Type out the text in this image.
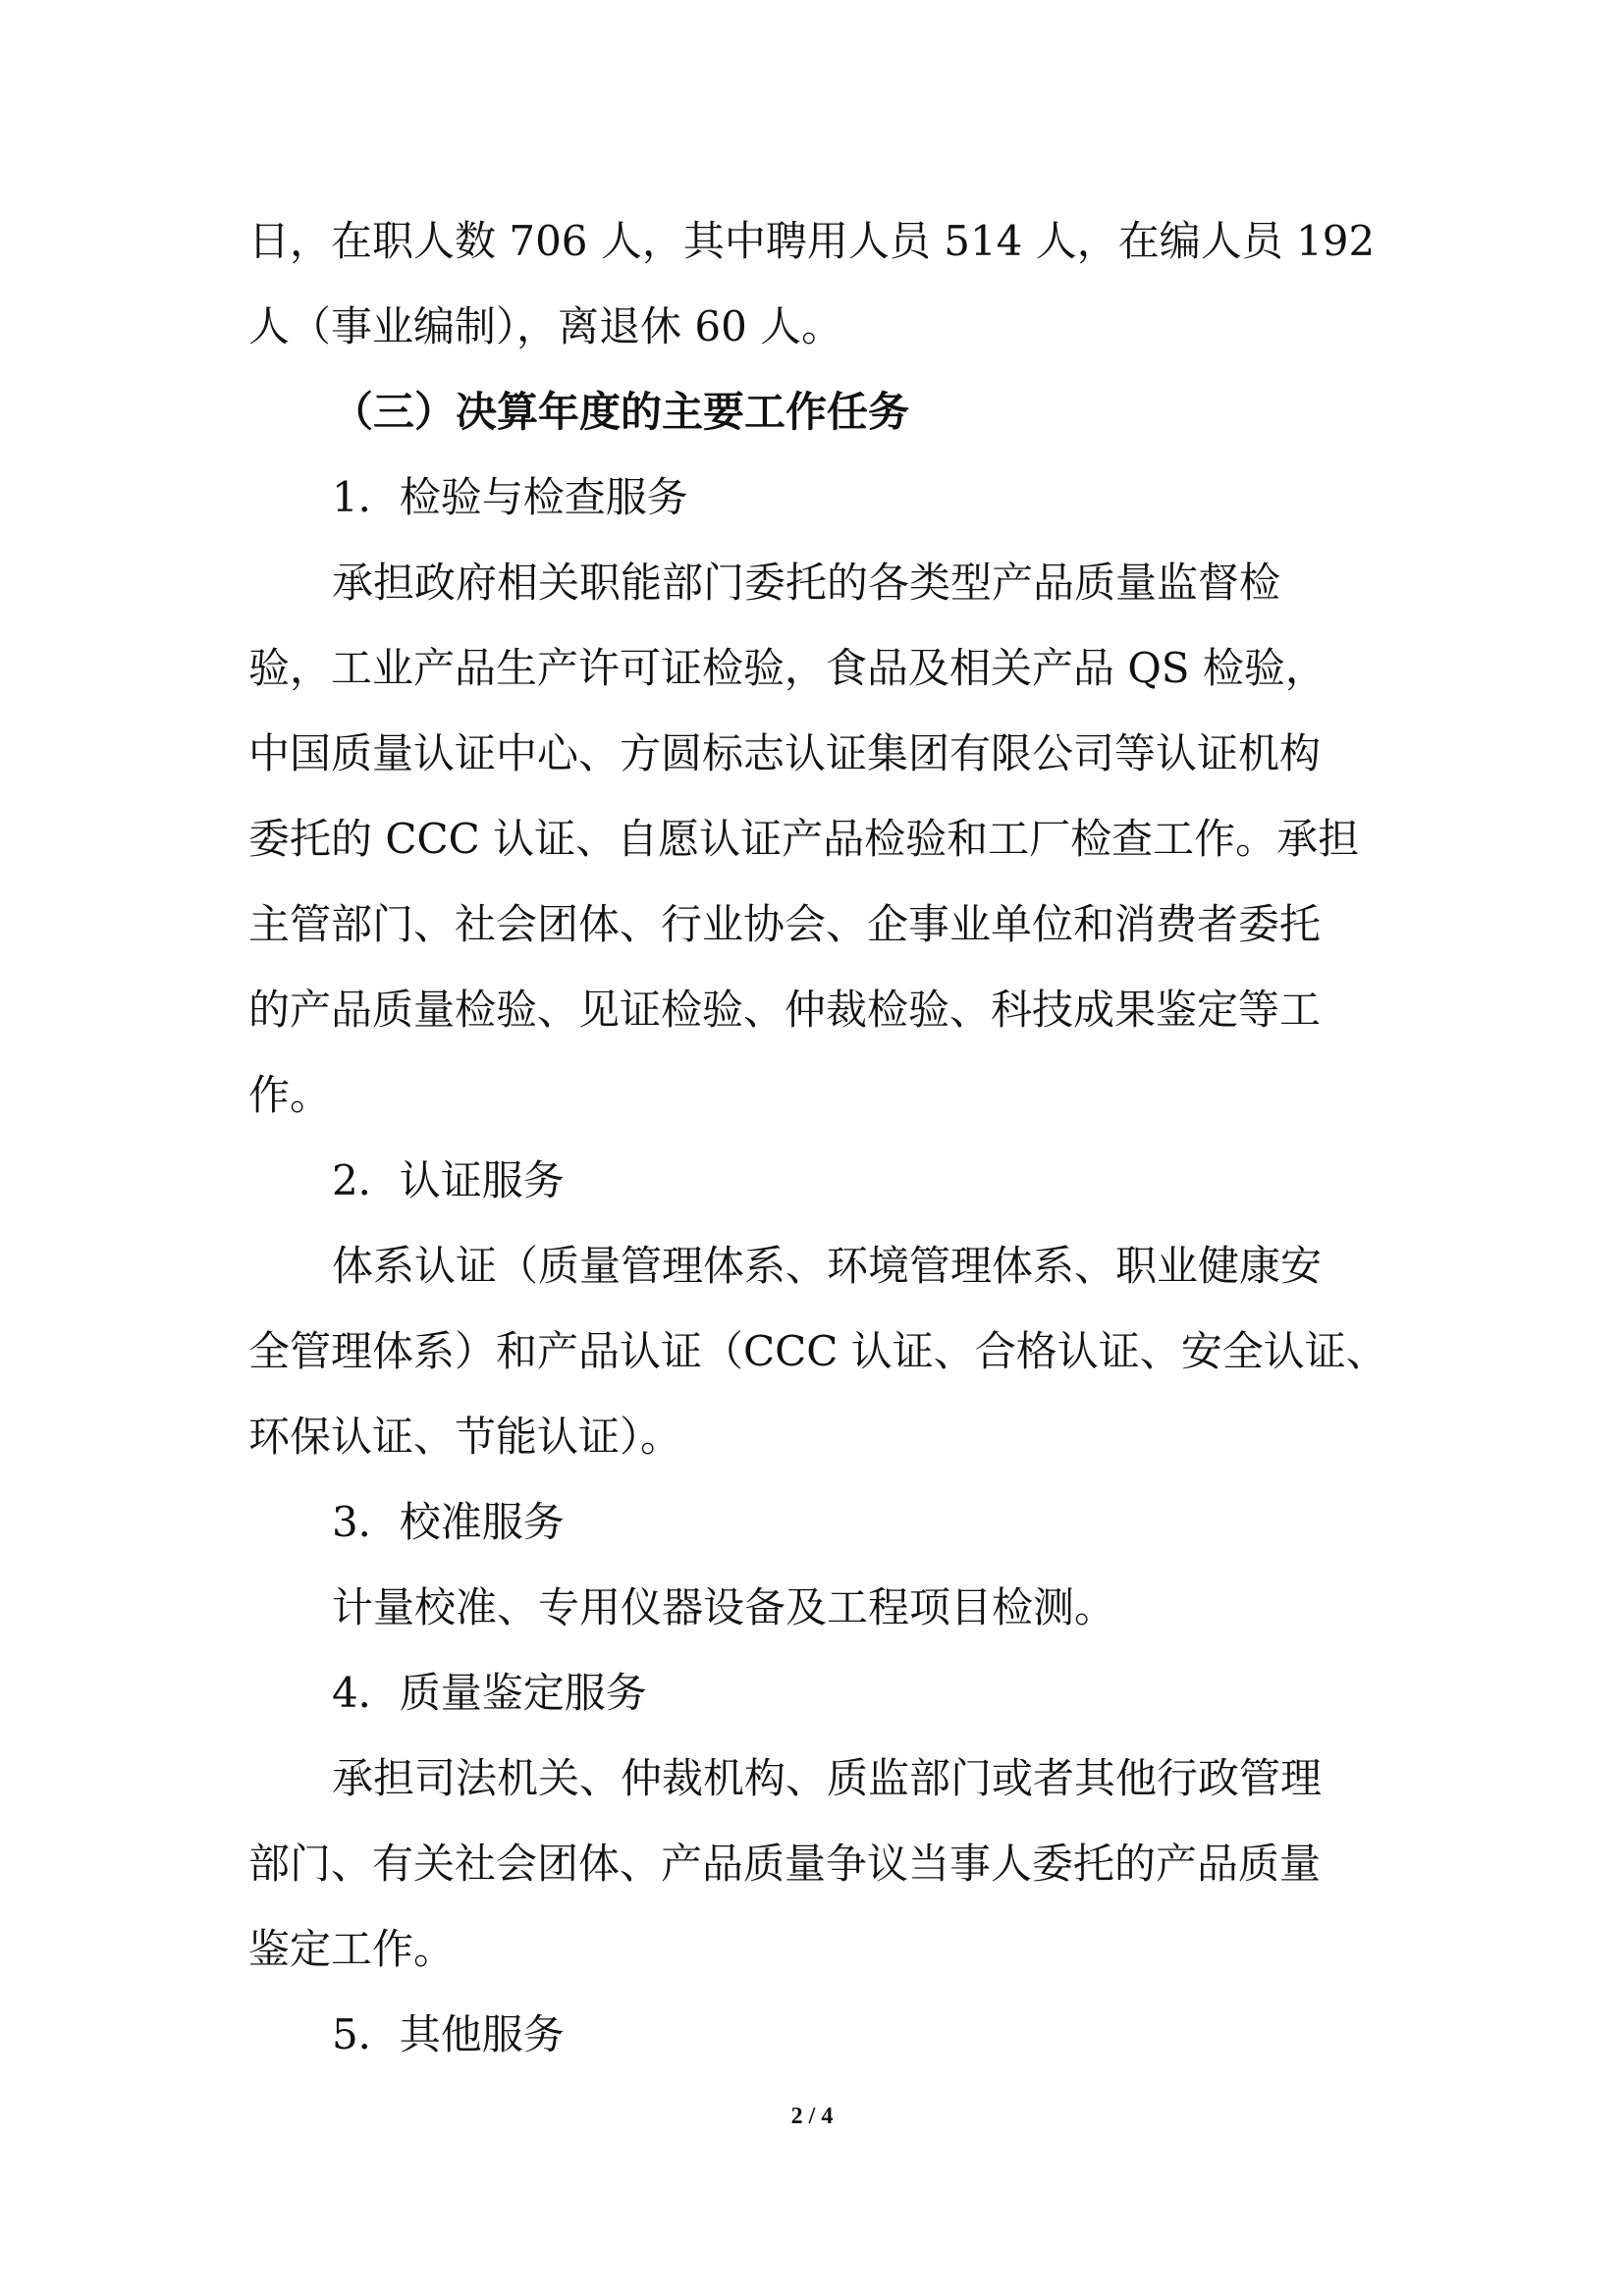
日，在职人数 706 人，其中聘用人员 514 人，在编人员 192
人（事业编制），离退休 60 人。
（三）决算年度的主要工作任务
1．检验与检查服务
承担政府相关职能部门委托的各类型产品质量监督检
验，工业产品生产许可证检验，食品及相关产品 QS 检验，
中国质量认证中心、方圆标志认证集团有限公司等认证机构
委托的 CCC 认证、自愿认证产品检验和工厂检查工作。承担
主管部门、社会团体、行业协会、企事业单位和消费者委托
的产品质量检验、见证检验、仲裁检验、科技成果鉴定等工
作。
2．认证服务
体系认证（质量管理体系、环境管理体系、职业健康安
全管理体系）和产品认证（CCC 认证、合格认证、安全认证、
环保认证、节能认证）。
3．校准服务
计量校准、专用仪器设备及工程项目检测。
4．质量鉴定服务
承担司法机关、仲裁机构、质监部门或者其他行政管理
部门、有关社会团体、产品质量争议当事人委托的产品质量
鉴定工作。
5．其他服务
2 / 4
